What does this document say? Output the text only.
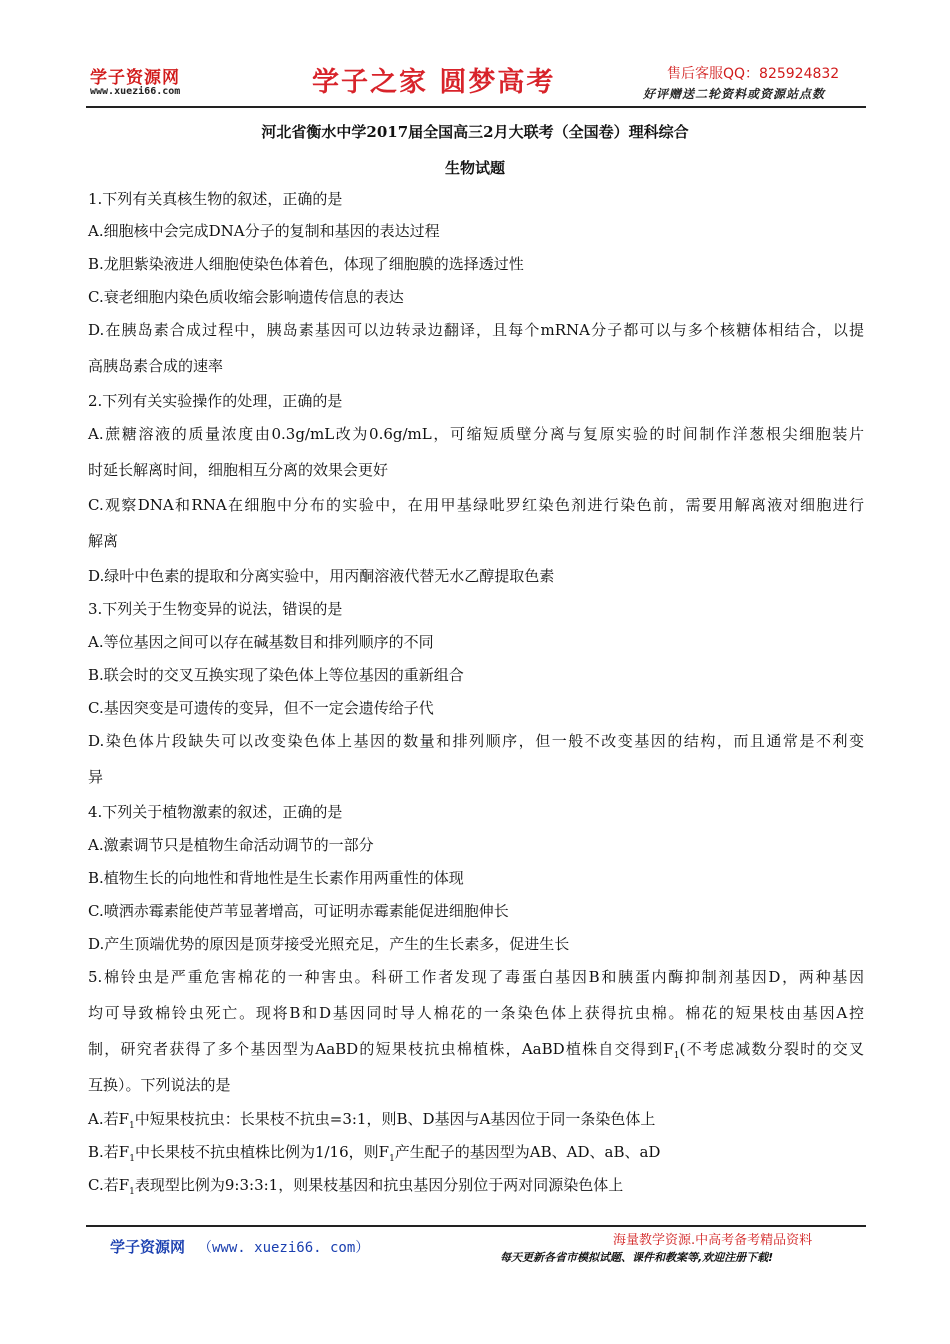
学子资源网
www.xuezi66.com	学子之家 圆梦高考	售后客服QQ：825924832
好评赠送二轮资料或资源站点数
河北省衡水中学2017届全国高三2月大联考（全国卷）理科综合
生物试题
1.下列有关真核生物的叙述，正确的是
A.细胞核中会完成DNA分子的复制和基因的表达过程
B.龙胆紫染液进人细胞使染色体着色，体现了细胞膜的选择透过性
C.衰老细胞内染色质收缩会影响遗传信息的表达
D.在胰岛素合成过程中，胰岛素基因可以边转录边翻译，且每个mRNA分子都可以与多个核糖体相结合，以提
高胰岛素合成的速率
2.下列有关实验操作的处理，正确的是
A.蔗糖溶液的质量浓度由0.3g/mL改为0.6g/mL，可缩短质壁分离与复原实验的时间制作洋葱根尖细胞装片
时延长解离时间，细胞相互分离的效果会更好
C.观察DNA和RNA在细胞中分布的实验中，在用甲基绿吡罗红染色剂进行染色前，需要用解离液对细胞进行
解离
D.绿叶中色素的提取和分离实验中，用丙酮溶液代替无水乙醇提取色素
3.下列关于生物变异的说法，错误的是
A.等位基因之间可以存在碱基数目和排列顺序的不同
B.联会时的交叉互换实现了染色体上等位基因的重新组合
C.基因突变是可遗传的变异，但不一定会遗传给子代
D.染色体片段缺失可以改变染色体上基因的数量和排列顺序，但一般不改变基因的结构，而且通常是不利变
异
4.下列关于植物激素的叙述，正确的是
A.激素调节只是植物生命活动调节的一部分
B.植物生长的向地性和背地性是生长素作用两重性的体现
C.喷洒赤霉素能使芦苇显著增高，可证明赤霉素能促进细胞伸长
D.产生顶端优势的原因是顶芽接受光照充足，产生的生长素多，促进生长
5.棉铃虫是严重危害棉花的一种害虫。科研工作者发现了毒蛋白基因B和胰蛋内酶抑制剂基因D，两种基因
均可导致棉铃虫死亡。现将B和D基因同时导人棉花的一条染色体上获得抗虫棉。棉花的短果枝由基因A控
制，研究者获得了多个基因型为AaBD的短果枝抗虫棉植株，AaBD植株自交得到$F_1$(不考虑减数分裂时的交叉
互换）。下列说法的是
A.若$F_1$中短果枝抗虫：长果枝不抗虫=3:1，则B、D基因与A基因位于同一条染色体上
B.若$F_1$中长果枝不抗虫植株比例为1/16，则$F_1$产生配子的基因型为AB、AD、aB、aD
C.若$F_1$表现型比例为9:3:3:1，则果枝基因和抗虫基因分别位于两对同源染色体上
学子资源网 （www. xuezi66. com）	海量教学资源.中高考备考精品资料
每天更新各省市模拟试题、课件和教案等,欢迎注册下载!
